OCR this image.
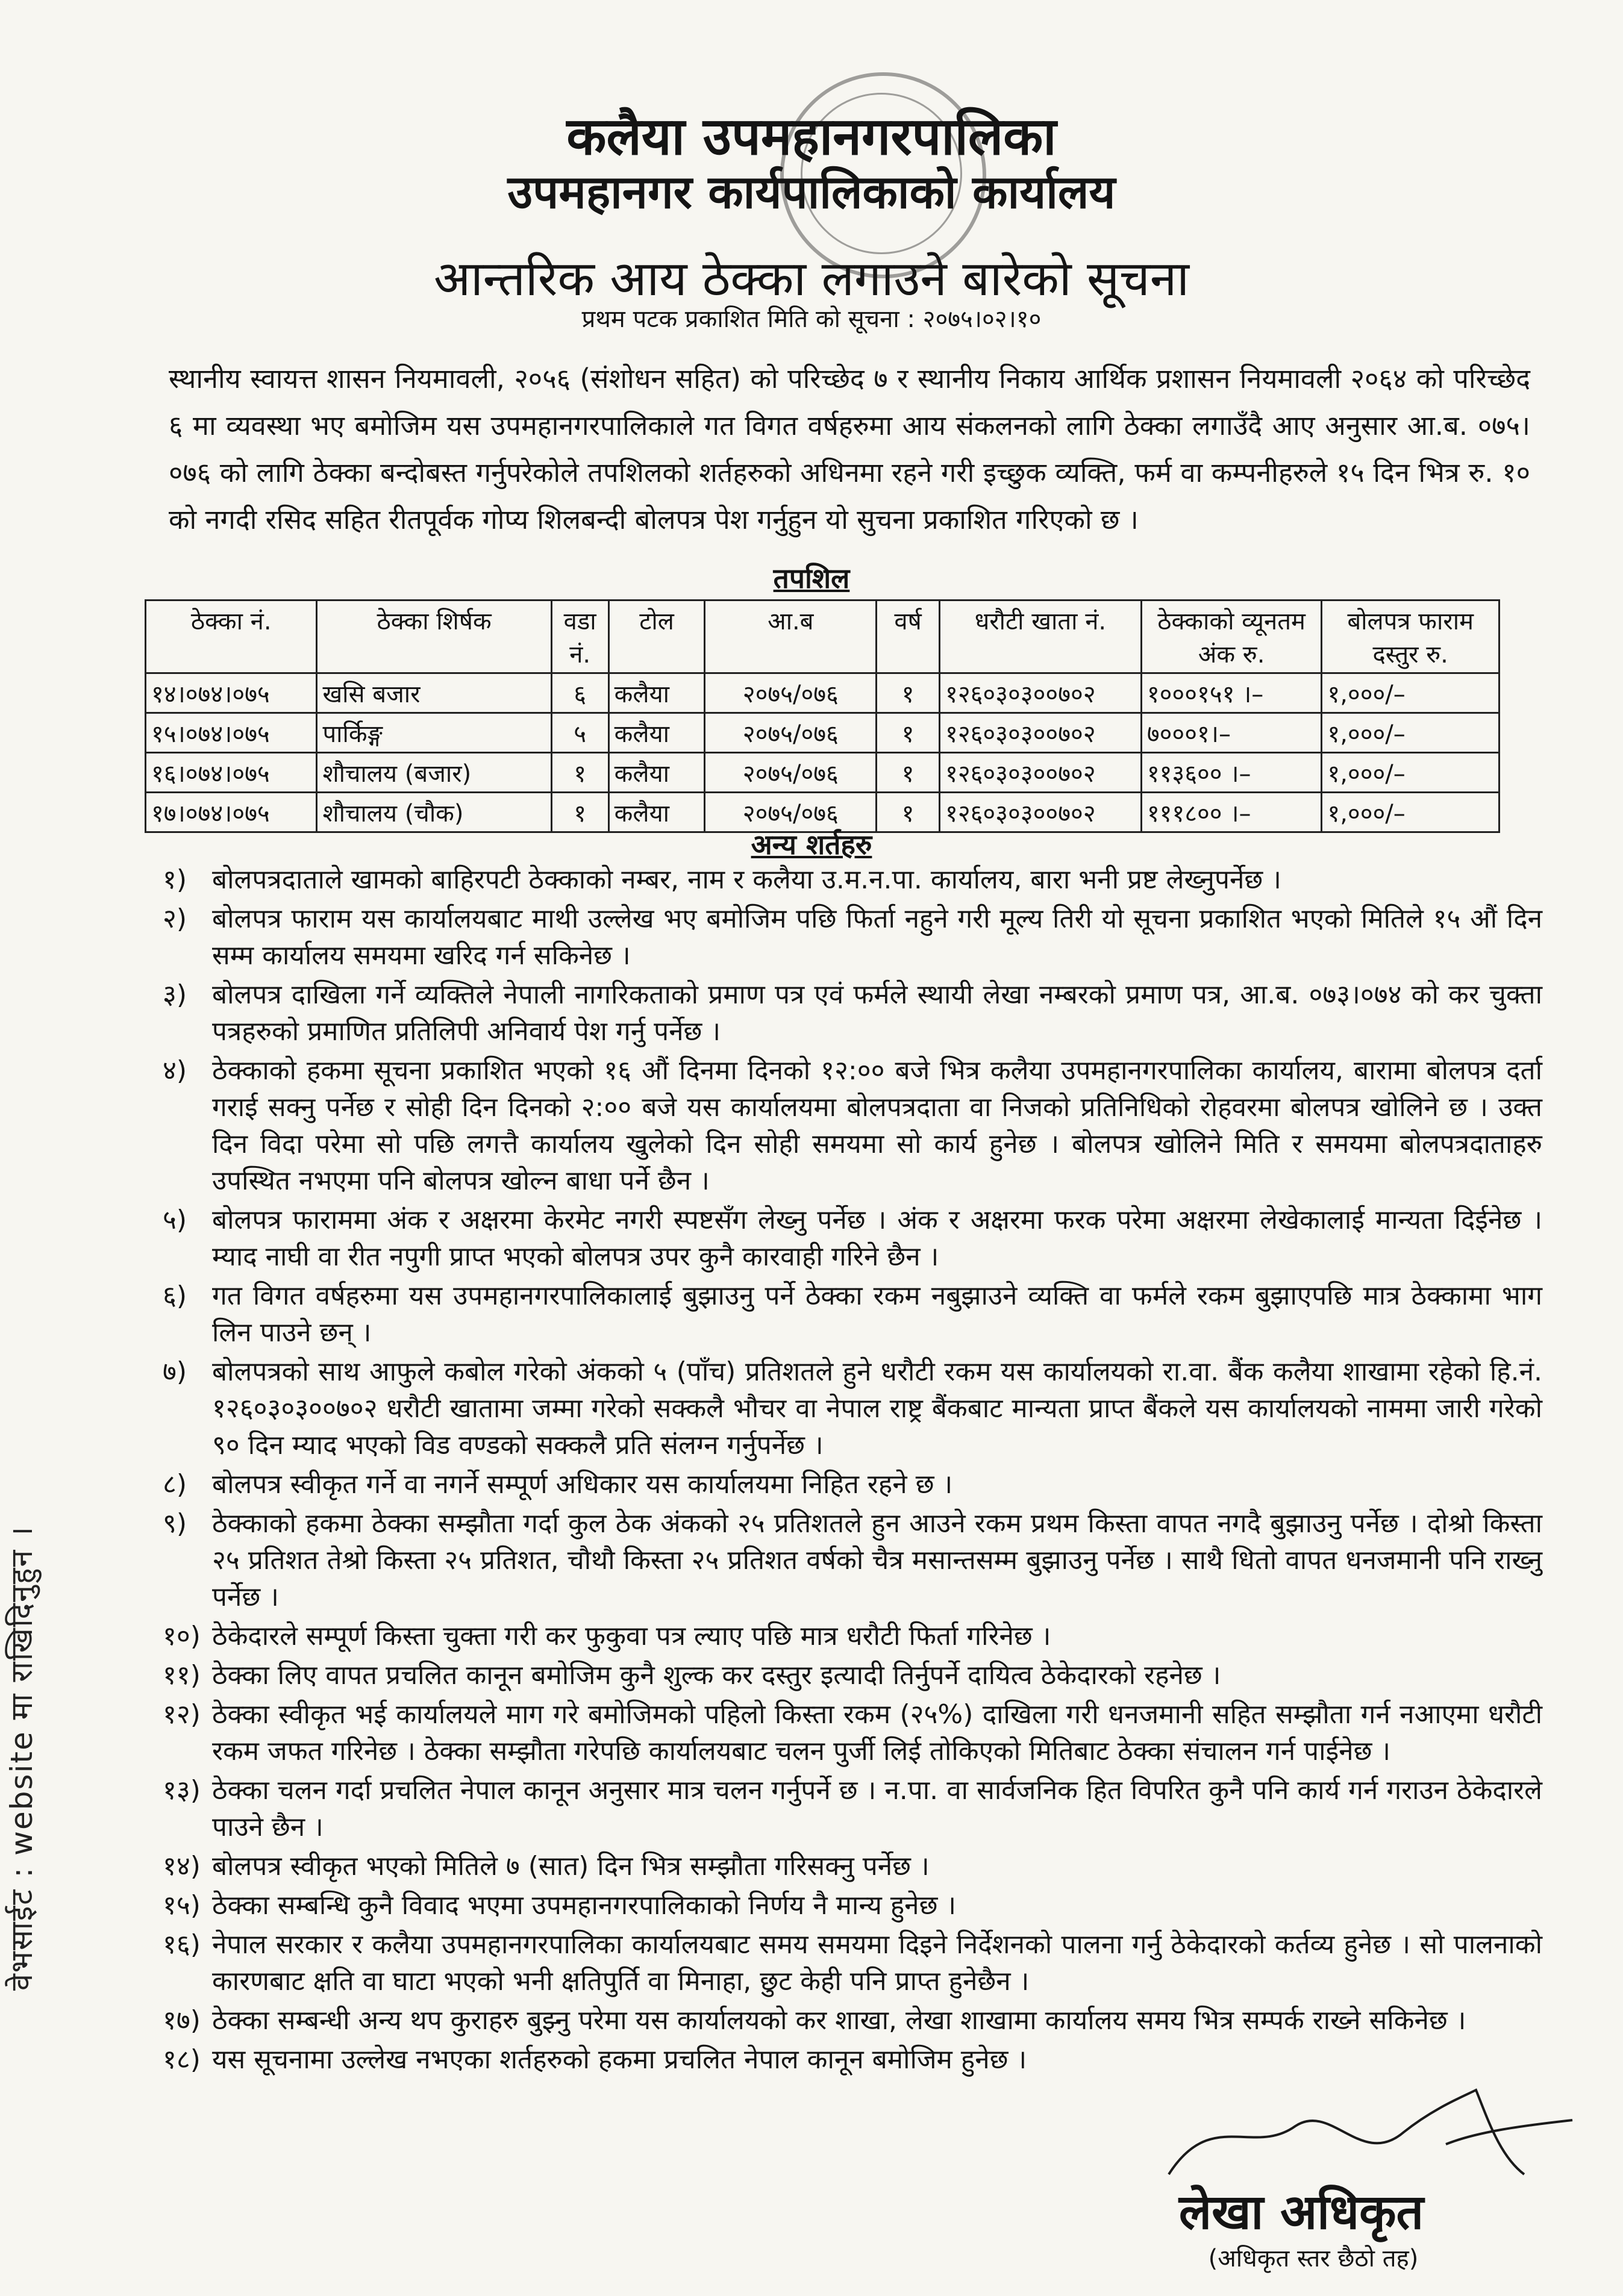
कलैया उपमहानगरपालिका
उपमहानगर कार्यपालिकाको कार्यालय
आन्तरिक आय ठेक्का लगाउने बारेको सूचना
प्रथम पटक प्रकाशित मिति को सूचना : २०७५।०२।१०
स्थानीय स्वायत्त शासन नियमावली, २०५६ (संशोधन सहित) को परिच्छेद ७ र स्थानीय निकाय आर्थिक प्रशासन नियमावली २०६४ को परिच्छेद ६ मा व्यवस्था भए बमोजिम यस उपमहानगरपालिकाले गत विगत वर्षहरुमा आय संकलनको लागि ठेक्का लगाउँदै आए अनुसार आ.ब. ०७५।०७६ को लागि ठेक्का बन्दोबस्त गर्नुपरेकोले तपशिलको शर्तहरुको अधिनमा रहने गरी इच्छुक व्यक्ति, फर्म वा कम्पनीहरुले १५ दिन भित्र रु. १० को नगदी रसिद सहित रीतपूर्वक गोप्य शिलबन्दी बोलपत्र पेश गर्नुहुन यो सुचना प्रकाशित गरिएको छ ।
तपशिल
ठेक्का नं.	ठेक्का शिर्षक	वडा नं.	टोल	आ.ब	वर्ष	धरौटी खाता नं.	ठेक्काको व्यूनतम अंक रु.	बोलपत्र फाराम दस्तुर रु.
१४।०७४।०७५	खसि बजार	६	कलैया	२०७५/०७६	१	१२६०३०३००७०२	१०००१५१ ।–	१,०००/–
१५।०७४।०७५	पार्किङ्ग	५	कलैया	२०७५/०७६	१	१२६०३०३००७०२	७०००१।–	१,०००/–
१६।०७४।०७५	शौचालय (बजार)	१	कलैया	२०७५/०७६	१	१२६०३०३००७०२	११३६०० ।–	१,०००/–
१७।०७४।०७५	शौचालय (चौक)	१	कलैया	२०७५/०७६	१	१२६०३०३००७०२	१११८०० ।–	१,०००/–
अन्य शर्तहरु
१) बोलपत्रदाताले खामको बाहिरपटी ठेक्काको नम्बर, नाम र कलैया उ.म.न.पा. कार्यालय, बारा भनी प्रष्ट लेख्नुपर्नेछ ।
२) बोलपत्र फाराम यस कार्यालयबाट माथी उल्लेख भए बमोजिम पछि फिर्ता नहुने गरी मूल्य तिरी यो सूचना प्रकाशित भएको मितिले १५ औं दिन सम्म कार्यालय समयमा खरिद गर्न सकिनेछ ।
३) बोलपत्र दाखिला गर्ने व्यक्तिले नेपाली नागरिकताको प्रमाण पत्र एवं फर्मले स्थायी लेखा नम्बरको प्रमाण पत्र, आ.ब. ०७३।०७४ को कर चुक्ता पत्रहरुको प्रमाणित प्रतिलिपी अनिवार्य पेश गर्नु पर्नेछ ।
४) ठेक्काको हकमा सूचना प्रकाशित भएको १६ औं दिनमा दिनको १२:०० बजे भित्र कलैया उपमहानगरपालिका कार्यालय, बारामा बोलपत्र दर्ता गराई सक्नु पर्नेछ र सोही दिन दिनको २:०० बजे यस कार्यालयमा बोलपत्रदाता वा निजको प्रतिनिधिको रोहवरमा बोलपत्र खोलिने छ । उक्त दिन विदा परेमा सो पछि लगत्तै कार्यालय खुलेको दिन सोही समयमा सो कार्य हुनेछ । बोलपत्र खोलिने मिति र समयमा बोलपत्रदाताहरु उपस्थित नभएमा पनि बोलपत्र खोल्न बाधा पर्ने छैन ।
५) बोलपत्र फाराममा अंक र अक्षरमा केरमेट नगरी स्पष्टसँग लेख्नु पर्नेछ । अंक र अक्षरमा फरक परेमा अक्षरमा लेखेकालाई मान्यता दिईनेछ । म्याद नाघी वा रीत नपुगी प्राप्त भएको बोलपत्र उपर कुनै कारवाही गरिने छैन ।
६) गत विगत वर्षहरुमा यस उपमहानगरपालिकालाई बुझाउनु पर्ने ठेक्का रकम नबुझाउने व्यक्ति वा फर्मले रकम बुझाएपछि मात्र ठेक्कामा भाग लिन पाउने छन् ।
७) बोलपत्रको साथ आफुले कबोल गरेको अंकको ५ (पाँच) प्रतिशतले हुने धरौटी रकम यस कार्यालयको रा.वा. बैंक कलैया शाखामा रहेको हि.नं. १२६०३०३००७०२ धरौटी खातामा जम्मा गरेको सक्कलै भौचर वा नेपाल राष्ट्र बैंकबाट मान्यता प्राप्त बैंकले यस कार्यालयको नाममा जारी गरेको ९० दिन म्याद भएको विड वण्डको सक्कलै प्रति संलग्न गर्नुपर्नेछ ।
८) बोलपत्र स्वीकृत गर्ने वा नगर्ने सम्पूर्ण अधिकार यस कार्यालयमा निहित रहने छ ।
९) ठेक्काको हकमा ठेक्का सम्झौता गर्दा कुल ठेक अंकको २५ प्रतिशतले हुन आउने रकम प्रथम किस्ता वापत नगदै बुझाउनु पर्नेछ । दोश्रो किस्ता २५ प्रतिशत तेश्रो किस्ता २५ प्रतिशत, चौथौ किस्ता २५ प्रतिशत वर्षको चैत्र मसान्तसम्म बुझाउनु पर्नेछ । साथै धितो वापत धनजमानी पनि राख्नु पर्नेछ ।
१०) ठेकेदारले सम्पूर्ण किस्ता चुक्ता गरी कर फुकुवा पत्र ल्याए पछि मात्र धरौटी फिर्ता गरिनेछ ।
११) ठेक्का लिए वापत प्रचलित कानून बमोजिम कुनै शुल्क कर दस्तुर इत्यादी तिर्नुपर्ने दायित्व ठेकेदारको रहनेछ ।
१२) ठेक्का स्वीकृत भई कार्यालयले माग गरे बमोजिमको पहिलो किस्ता रकम (२५%) दाखिला गरी धनजमानी सहित सम्झौता गर्न नआएमा धरौटी रकम जफत गरिनेछ । ठेक्का सम्झौता गरेपछि कार्यालयबाट चलन पुर्जी लिई तोकिएको मितिबाट ठेक्का संचालन गर्न पाईनेछ ।
१३) ठेक्का चलन गर्दा प्रचलित नेपाल कानून अनुसार मात्र चलन गर्नुपर्ने छ । न.पा. वा सार्वजनिक हित विपरित कुनै पनि कार्य गर्न गराउन ठेकेदारले पाउने छैन ।
१४) बोलपत्र स्वीकृत भएको मितिले ७ (सात) दिन भित्र सम्झौता गरिसक्नु पर्नेछ ।
१५) ठेक्का सम्बन्धि कुनै विवाद भएमा उपमहानगरपालिकाको निर्णय नै मान्य हुनेछ ।
१६) नेपाल सरकार र कलैया उपमहानगरपालिका कार्यालयबाट समय समयमा दिइने निर्देशनको पालना गर्नु ठेकेदारको कर्तव्य हुनेछ । सो पालनाको कारणबाट क्षति वा घाटा भएको भनी क्षतिपुर्ति वा मिनाहा, छुट केही पनि प्राप्त हुनेछैन ।
१७) ठेक्का सम्बन्धी अन्य थप कुराहरु बुझ्नु परेमा यस कार्यालयको कर शाखा, लेखा शाखामा कार्यालय समय भित्र सम्पर्क राख्ने सकिनेछ ।
१८) यस सूचनामा उल्लेख नभएका शर्तहरुको हकमा प्रचलित नेपाल कानून बमोजिम हुनेछ ।
वेभसाईट : website मा राखिदिनुहुन ।
लेखा अधिकृत
(अधिकृत स्तर छैठो तह)
